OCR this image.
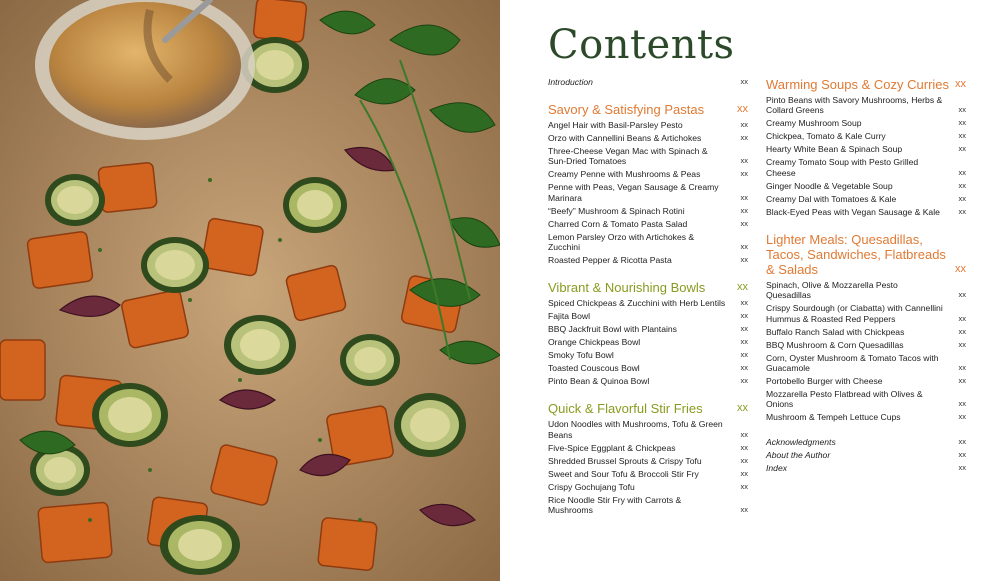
Contents
Introduction	xx
Savory & Satisfying Pastas	xx
Angel Hair with Basil-Parsley Pesto	xx
Orzo with Cannellini Beans & Artichokes	xx
Three-Cheese Vegan Mac with Spinach & Sun-Dried Tomatoes	xx
Creamy Penne with Mushrooms & Peas	xx
Penne with Peas, Vegan Sausage & Creamy Marinara	xx
“Beefy” Mushroom & Spinach Rotini	xx
Charred Corn & Tomato Pasta Salad	xx
Lemon Parsley Orzo with Artichokes & Zucchini	xx
Roasted Pepper & Ricotta Pasta	xx
Vibrant & Nourishing Bowls	xx
Spiced Chickpeas & Zucchini with Herb Lentils	xx
Fajita Bowl	xx
BBQ Jackfruit Bowl with Plantains	xx
Orange Chickpeas Bowl	xx
Smoky Tofu Bowl	xx
Toasted Couscous Bowl	xx
Pinto Bean & Quinoa Bowl	xx
Quick & Flavorful Stir Fries	xx
Udon Noodles with Mushrooms, Tofu & Green Beans	xx
Five-Spice Eggplant & Chickpeas	xx
Shredded Brussel Sprouts & Crispy Tofu	xx
Sweet and Sour Tofu & Broccoli Stir Fry	xx
Crispy Gochujang Tofu	xx
Rice Noodle Stir Fry with Carrots & Mushrooms	xx
Warming Soups & Cozy Curries xx
Pinto Beans with Savory Mushrooms, Herbs & Collard Greens	xx
Creamy Mushroom Soup	xx
Chickpea, Tomato & Kale Curry	xx
Hearty White Bean & Spinach Soup	xx
Creamy Tomato Soup with Pesto Grilled Cheese	xx
Ginger Noodle & Vegetable Soup	xx
Creamy Dal with Tomatoes & Kale	xx
Black-Eyed Peas with Vegan Sausage & Kale	xx
Lighter Meals: Quesadillas, Tacos, Sandwiches, Flatbreads & Salads	xx
Spinach, Olive & Mozzarella Pesto Quesadillas	xx
Crispy Sourdough (or Ciabatta) with Cannellini Hummus & Roasted Red Peppers	xx
Buffalo Ranch Salad with Chickpeas	xx
BBQ Mushroom & Corn Quesadillas	xx
Corn, Oyster Mushroom & Tomato Tacos with Guacamole	xx
Portobello Burger with Cheese	xx
Mozzarella Pesto Flatbread with Olives & Onions	xx
Mushroom & Tempeh Lettuce Cups	xx
Acknowledgments	xx
About the Author	xx
Index	xx
